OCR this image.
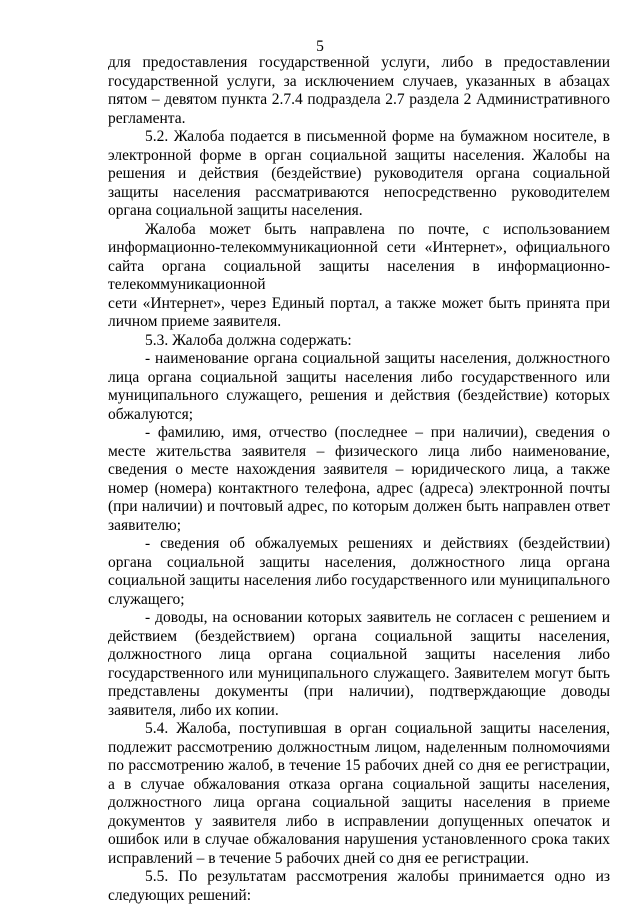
5

для предоставления государственной услуги, либо в предоставлении государственной услуги, за исключением случаев, указанных в абзацах пятом – девятом пункта 2.7.4 подраздела 2.7 раздела 2 Административного регламента.

5.2. Жалоба подается в письменной форме на бумажном носителе, в электронной форме в орган социальной защиты населения. Жалобы на решения и действия (бездействие) руководителя органа социальной защиты населения рассматриваются непосредственно руководителем органа социальной защиты населения.

Жалоба может быть направлена по почте, с использованием информационно-телекоммуникационной сети «Интернет», официального сайта органа социальной защиты населения в информационно-телекоммуникационной

сети «Интернет», через Единый портал, а также может быть принята при личном приеме заявителя.

5.3. Жалоба должна содержать:

- наименование органа социальной защиты населения, должностного лица органа социальной защиты населения либо государственного или муниципального служащего, решения и действия (бездействие) которых обжалуются;

- фамилию, имя, отчество (последнее – при наличии), сведения о месте жительства заявителя – физического лица либо наименование, сведения о месте нахождения заявителя – юридического лица, а также номер (номера) контактного телефона, адрес (адреса) электронной почты (при наличии) и почтовый адрес, по которым должен быть направлен ответ заявителю;

- сведения об обжалуемых решениях и действиях (бездействии) органа социальной защиты населения, должностного лица органа социальной защиты населения либо государственного или муниципального служащего;

- доводы, на основании которых заявитель не согласен с решением и действием (бездействием) органа социальной защиты населения, должностного лица органа социальной защиты населения либо государственного или муниципального служащего. Заявителем могут быть представлены документы (при наличии), подтверждающие доводы заявителя, либо их копии.

5.4. Жалоба, поступившая в орган социальной защиты населения, подлежит рассмотрению должностным лицом, наделенным полномочиями по рассмотрению жалоб, в течение 15 рабочих дней со дня ее регистрации, а в случае обжалования отказа органа социальной защиты населения, должностного лица органа социальной защиты населения в приеме документов у заявителя либо в исправлении допущенных опечаток и ошибок или в случае обжалования нарушения установленного срока таких исправлений – в течение 5 рабочих дней со дня ее регистрации.

5.5. По результатам рассмотрения жалобы принимается одно из следующих решений:
